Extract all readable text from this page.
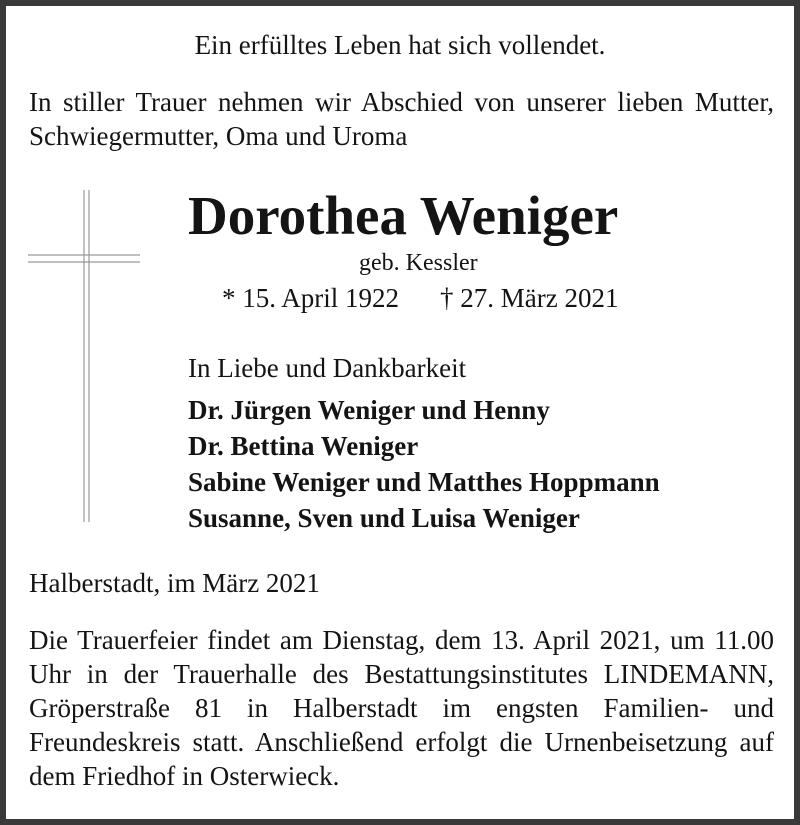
Ein erfülltes Leben hat sich vollendet.
In stiller Trauer nehmen wir Abschied von unserer lieben Mutter, Schwiegermutter, Oma und Uroma
Dorothea Weniger
geb. Kessler
* 15. April 1922 † 27. März 2021
In Liebe und Dankbarkeit
Dr. Jürgen Weniger und Henny
Dr. Bettina Weniger
Sabine Weniger und Matthes Hoppmann
Susanne, Sven und Luisa Weniger
Halberstadt, im März 2021
Die Trauerfeier findet am Dienstag, dem 13. April 2021, um 11.00 Uhr in der Trauerhalle des Bestattungsinstitutes LINDEMANN, Gröperstraße 81 in Halberstadt im engsten Familien- und Freundeskreis statt. Anschließend erfolgt die Urnenbeisetzung auf dem Friedhof in Osterwieck.
